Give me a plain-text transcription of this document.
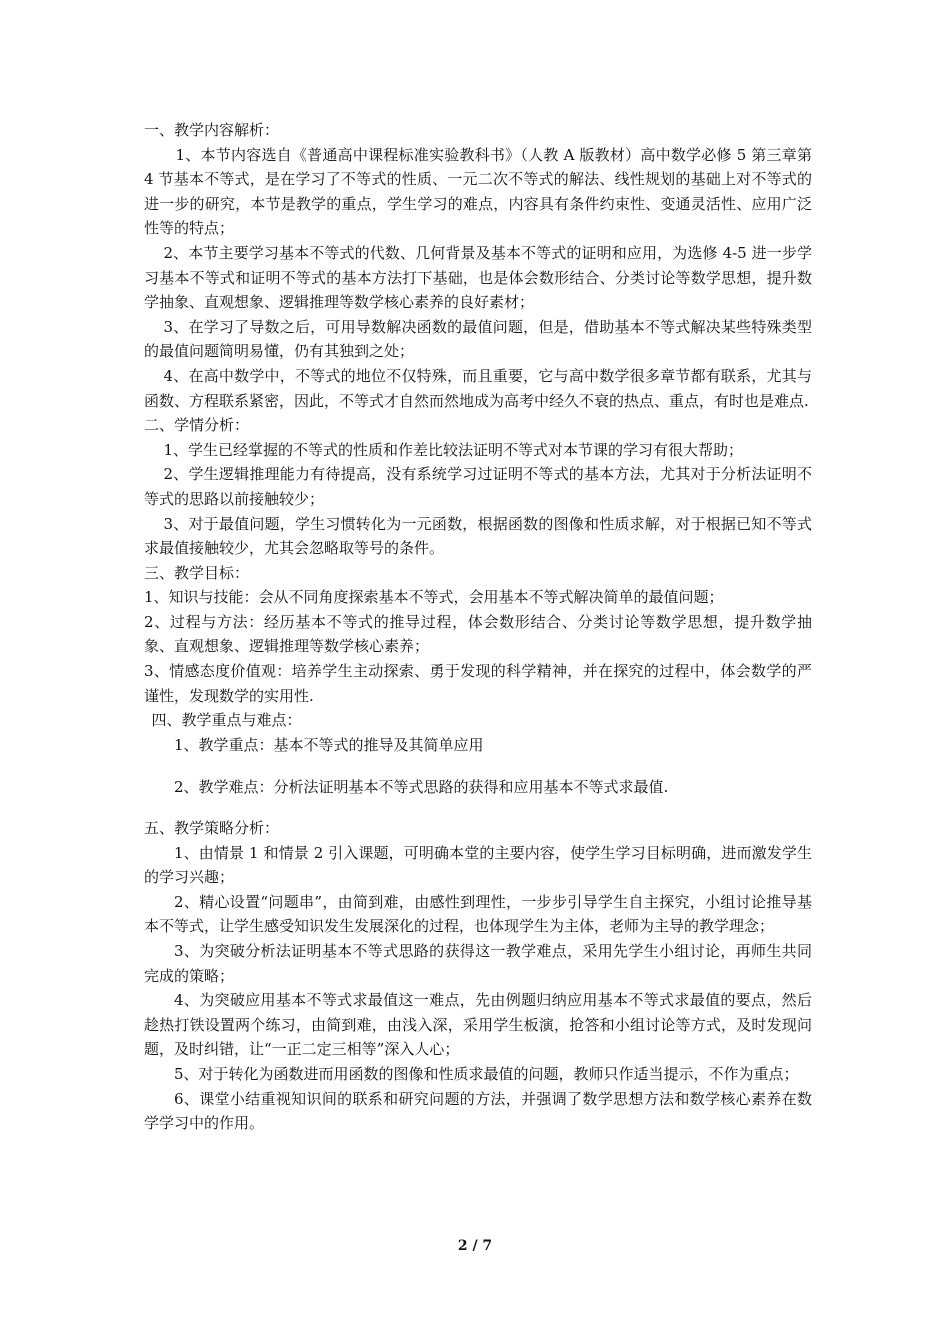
一、教学内容解析：

1、本节内容选自《普通高中课程标准实验教科书》（人教 A 版教材）高中数学必修 5 第三章第 4 节基本不等式，是在学习了不等式的性质、一元二次不等式的解法、线性规划的基础上对不等式的进一步的研究，本节是教学的重点，学生学习的难点，内容具有条件约束性、变通灵活性、应用广泛性等的特点；

2、本节主要学习基本不等式的代数、几何背景及基本不等式的证明和应用，为选修 4-5 进一步学习基本不等式和证明不等式的基本方法打下基础，也是体会数形结合、分类讨论等数学思想，提升数学抽象、直观想象、逻辑推理等数学核心素养的良好素材；

3、在学习了导数之后，可用导数解决函数的最值问题，但是，借助基本不等式解决某些特殊类型的最值问题简明易懂，仍有其独到之处；

4、在高中数学中，不等式的地位不仅特殊，而且重要，它与高中数学很多章节都有联系，尤其与函数、方程联系紧密，因此，不等式才自然而然地成为高考中经久不衰的热点、重点，有时也是难点.

二、学情分析：

1、学生已经掌握的不等式的性质和作差比较法证明不等式对本节课的学习有很大帮助；

2、学生逻辑推理能力有待提高，没有系统学习过证明不等式的基本方法，尤其对于分析法证明不等式的思路以前接触较少；

3、对于最值问题，学生习惯转化为一元函数，根据函数的图像和性质求解，对于根据已知不等式求最值接触较少，尤其会忽略取等号的条件。

三、教学目标：

1、知识与技能：会从不同角度探索基本不等式，会用基本不等式解决简单的最值问题；

2、过程与方法：经历基本不等式的推导过程，体会数形结合、分类讨论等数学思想，提升数学抽象、直观想象、逻辑推理等数学核心素养；

3、情感态度价值观：培养学生主动探索、勇于发现的科学精神，并在探究的过程中，体会数学的严谨性，发现数学的实用性.

四、教学重点与难点：

1、教学重点：基本不等式的推导及其简单应用

2、教学难点：分析法证明基本不等式思路的获得和应用基本不等式求最值.

五、教学策略分析：

1、由情景 1 和情景 2 引入课题，可明确本堂的主要内容，使学生学习目标明确，进而激发学生的学习兴趣；

2、精心设置“问题串”，由简到难，由感性到理性，一步步引导学生自主探究，小组讨论推导基本不等式，让学生感受知识发生发展深化的过程，也体现学生为主体，老师为主导的教学理念；

3、为突破分析法证明基本不等式思路的获得这一教学难点，采用先学生小组讨论，再师生共同完成的策略；

4、为突破应用基本不等式求最值这一难点，先由例题归纳应用基本不等式求最值的要点，然后趁热打铁设置两个练习，由简到难，由浅入深，采用学生板演，抢答和小组讨论等方式，及时发现问题，及时纠错，让“一正二定三相等”深入人心；

5、对于转化为函数进而用函数的图像和性质求最值的问题，教师只作适当提示，不作为重点；

6、课堂小结重视知识间的联系和研究问题的方法，并强调了数学思想方法和数学核心素养在数学学习中的作用。

2 / 7
